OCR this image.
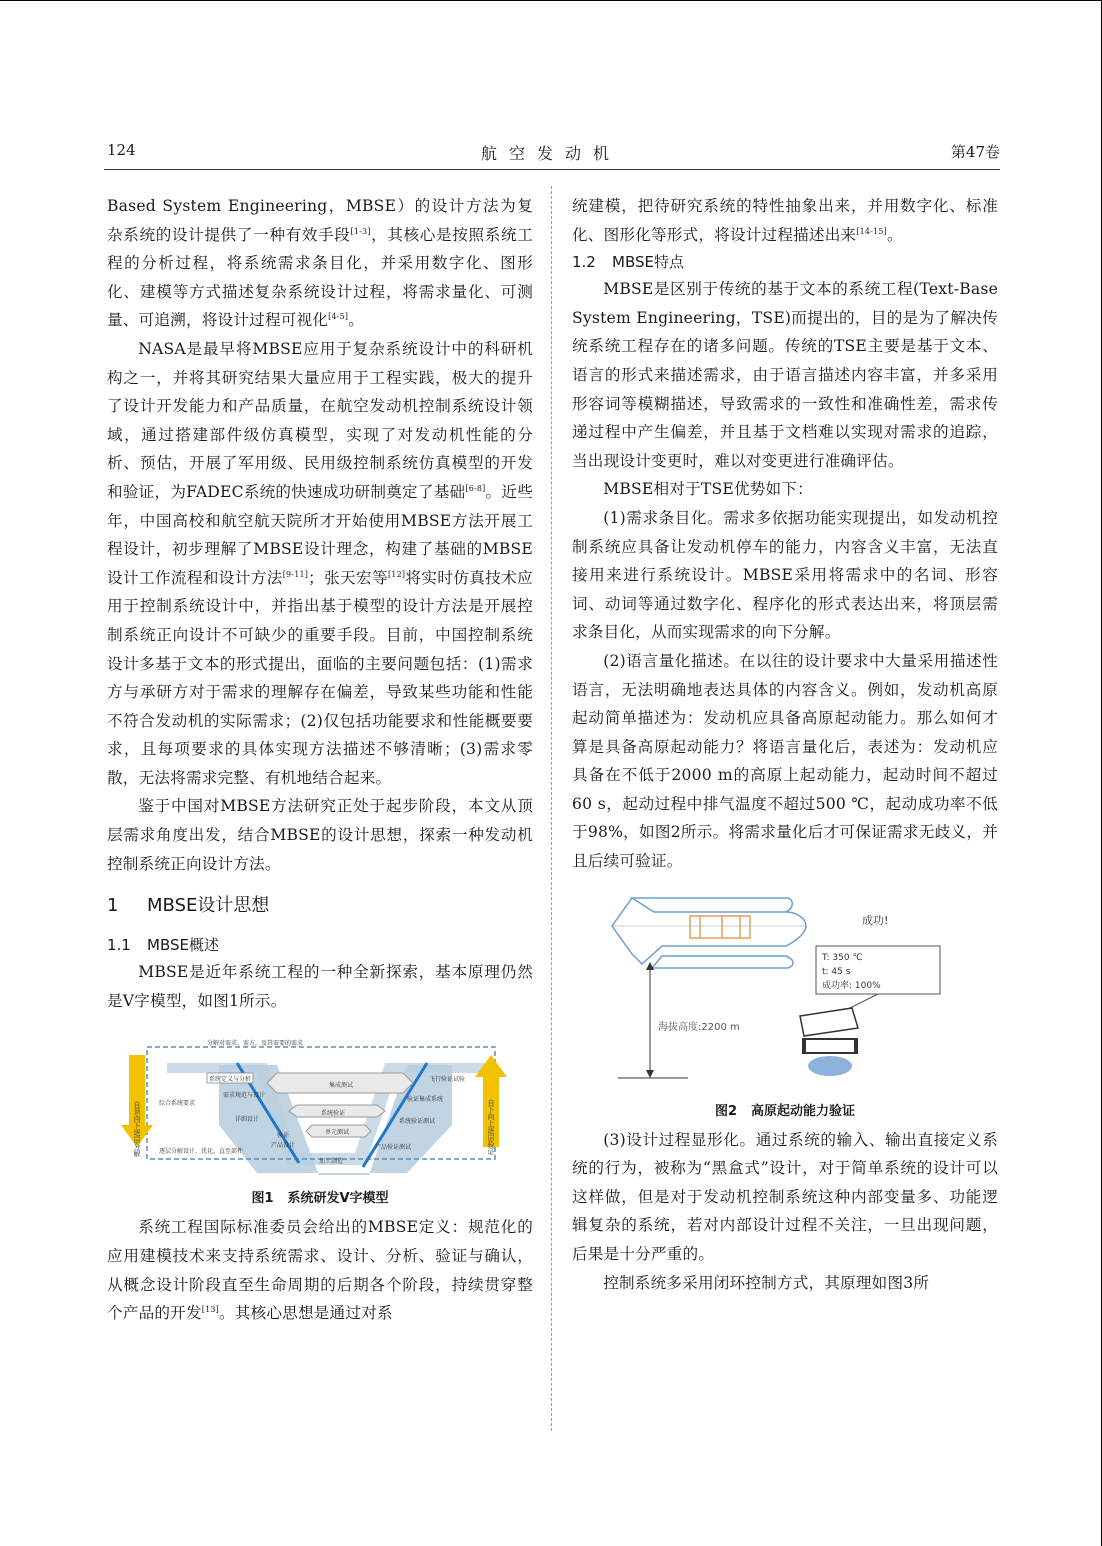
124	航空发动机	第47卷

Based System Engineering，MBSE）的设计方法为复杂系统的设计提供了一种有效手段[1-3]，其核心是按照系统工程的分析过程，将系统需求条目化，并采用数字化、图形化、建模等方式描述复杂系统设计过程，将需求量化、可测量、可追溯，将设计过程可视化[4-5]。

NASA是最早将MBSE应用于复杂系统设计中的科研机构之一，并将其研究结果大量应用于工程实践，极大的提升了设计开发能力和产品质量，在航空发动机控制系统设计领域，通过搭建部件级仿真模型，实现了对发动机性能的分析、预估，开展了军用级、民用级控制系统仿真模型的开发和验证，为FADEC系统的快速成功研制奠定了基础[6-8]。近些年，中国高校和航空航天院所才开始使用MBSE方法开展工程设计，初步理解了MBSE设计理念，构建了基础的MBSE设计工作流程和设计方法[9-11]；张天宏等[12]将实时仿真技术应用于控制系统设计中，并指出基于模型的设计方法是开展控制系统正向设计不可缺少的重要手段。目前，中国控制系统设计多基于文本的形式提出，面临的主要问题包括：(1)需求方与承研方对于需求的理解存在偏差，导致某些功能和性能不符合发动机的实际需求；(2)仅包括功能要求和性能概要要求，且每项要求的具体实现方法描述不够清晰；(3)需求零散，无法将需求完整、有机地结合起来。

鉴于中国对MBSE方法研究正处于起步阶段，本文从顶层需求角度出发，结合MBSE的设计思想，探索一种发动机控制系统正向设计方法。

1 MBSE设计思想
1.1 MBSE概述

MBSE是近年系统工程的一种全新探索，基本原理仍然是V字模型，如图1所示。

分解对需求、需方，及其需要的需求
自顶向下逐层分解	自下向上逐层验证
综合系统要求
逐层分解设计，优化，直至部件
系统定义与分析
需求规范与设计
详细设计
产品设计
集成测试
系统验证
单元测试
飞行验证试验
验证集成系统
系统验证测试
产品验证测试
加工制造
验证
图1 系统研发V字模型

系统工程国际标准委员会给出的MBSE定义：规范化的应用建模技术来支持系统需求、设计、分析、验证与确认，从概念设计阶段直至生命周期的后期各个阶段，持续贯穿整个产品的开发[13]。其核心思想是通过对系

统建模，把待研究系统的特性抽象出来，并用数字化、标准化、图形化等形式，将设计过程描述出来[14-15]。

1.2 MBSE特点

MBSE是区别于传统的基于文本的系统工程(Text-Base System Engineering，TSE)而提出的，目的是为了解决传统系统工程存在的诸多问题。传统的TSE主要是基于文本、语言的形式来描述需求，由于语言描述内容丰富，并多采用形容词等模糊描述，导致需求的一致性和准确性差，需求传递过程中产生偏差，并且基于文档难以实现对需求的追踪，当出现设计变更时，难以对变更进行准确评估。

MBSE相对于TSE优势如下：

(1)需求条目化。需求多依据功能实现提出，如发动机控制系统应具备让发动机停车的能力，内容含义丰富，无法直接用来进行系统设计。MBSE采用将需求中的名词、形容词、动词等通过数字化、程序化的形式表达出来，将顶层需求条目化，从而实现需求的向下分解。

(2)语言量化描述。在以往的设计要求中大量采用描述性语言，无法明确地表达具体的内容含义。例如，发动机高原起动简单描述为：发动机应具备高原起动能力。那么如何才算是具备高原起动能力？将语言量化后，表述为：发动机应具备在不低于2000 m的高原上起动能力，起动时间不超过60 s，起动过程中排气温度不超过500 ℃，起动成功率不低于98%，如图2所示。将需求量化后才可保证需求无歧义，并且后续可验证。

海拔高度:2200 m
成功!
T: 350 ℃
t: 45 s
成功率: 100%
图2 高原起动能力验证

(3)设计过程显形化。通过系统的输入、输出直接定义系统的行为，被称为“黑盒式”设计，对于简单系统的设计可以这样做，但是对于发动机控制系统这种内部变量多、功能逻辑复杂的系统，若对内部设计过程不关注，一旦出现问题，后果是十分严重的。

控制系统多采用闭环控制方式，其原理如图3所
